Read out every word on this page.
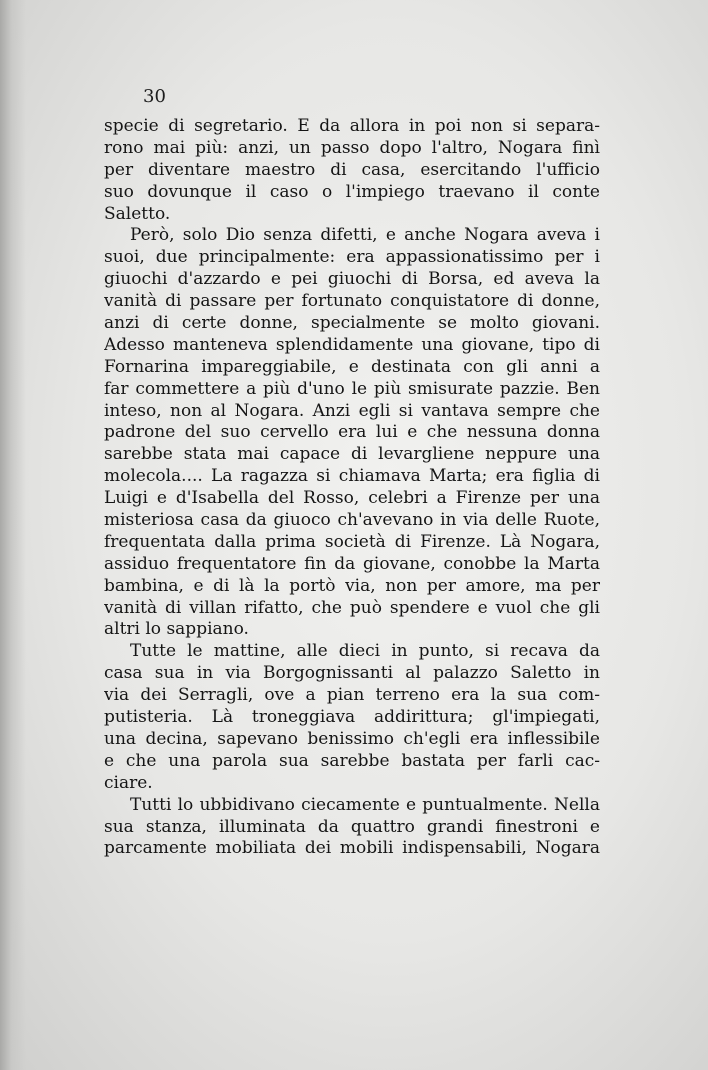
30
specie di segretario. E da allora in poi non si separa-
rono mai più: anzi, un passo dopo l'altro, Nogara finì
per diventare maestro di casa, esercitando l'ufficio
suo dovunque il caso o l'impiego traevano il conte
Saletto.
Però, solo Dio senza difetti, e anche Nogara aveva i
suoi, due principalmente: era appassionatissimo per i
giuochi d'azzardo e pei giuochi di Borsa, ed aveva la
vanità di passare per fortunato conquistatore di donne,
anzi di certe donne, specialmente se molto giovani.
Adesso manteneva splendidamente una giovane, tipo di
Fornarina impareggiabile, e destinata con gli anni a
far commettere a più d'uno le più smisurate pazzie. Ben
inteso, non al Nogara. Anzi egli si vantava sempre che
padrone del suo cervello era lui e che nessuna donna
sarebbe stata mai capace di levargliene neppure una
molecola.... La ragazza si chiamava Marta; era figlia di
Luigi e d'Isabella del Rosso, celebri a Firenze per una
misteriosa casa da giuoco ch'avevano in via delle Ruote,
frequentata dalla prima società di Firenze. Là Nogara,
assiduo frequentatore fin da giovane, conobbe la Marta
bambina, e di là la portò via, non per amore, ma per
vanità di villan rifatto, che può spendere e vuol che gli
altri lo sappiano.
Tutte le mattine, alle dieci in punto, si recava da
casa sua in via Borgognissanti al palazzo Saletto in
via dei Serragli, ove a pian terreno era la sua com-
putisteria. Là troneggiava addirittura; gl'impiegati,
una decina, sapevano benissimo ch'egli era inflessibile
e che una parola sua sarebbe bastata per farli cac-
ciare.
Tutti lo ubbidivano ciecamente e puntualmente. Nella
sua stanza, illuminata da quattro grandi finestroni e
parcamente mobiliata dei mobili indispensabili, Nogara
